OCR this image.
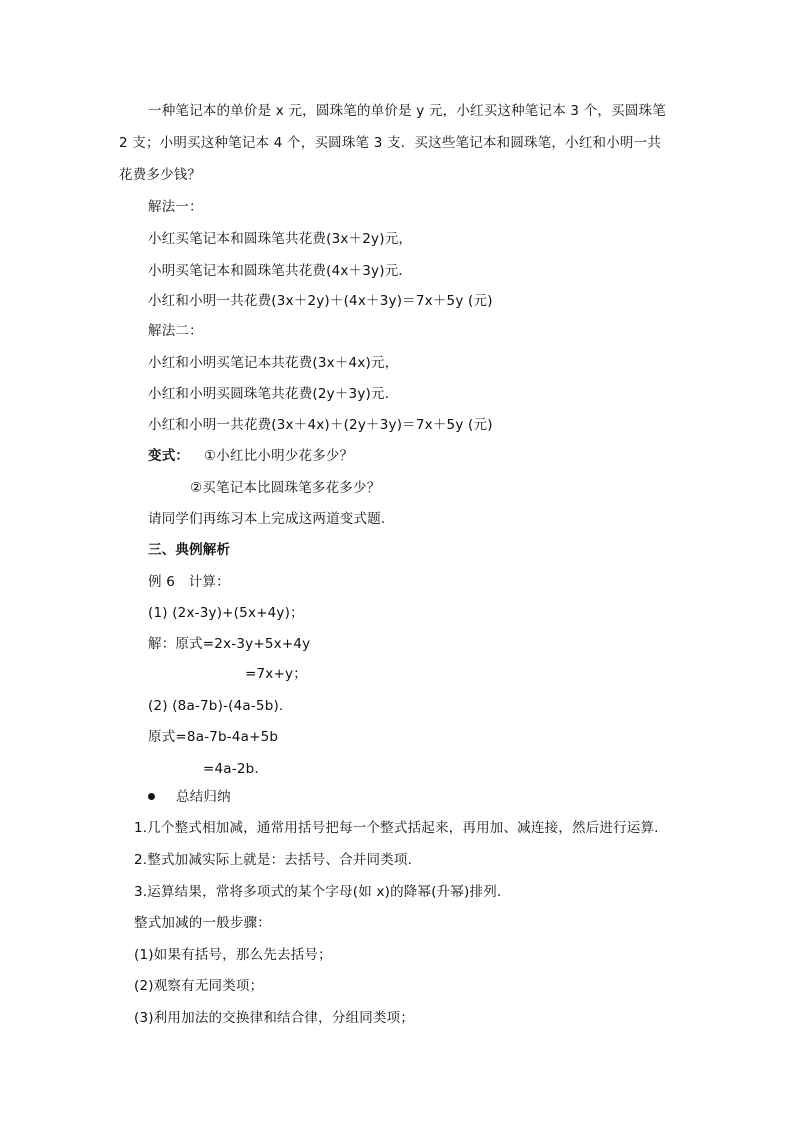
一种笔记本的单价是 x 元，圆珠笔的单价是 y 元，小红买这种笔记本 3 个，买圆珠笔
2 支；小明买这种笔记本 4 个，买圆珠笔 3 支．买这些笔记本和圆珠笔，小红和小明一共
花费多少钱？
解法一：
小红买笔记本和圆珠笔共花费(3x＋2y)元，
小明买笔记本和圆珠笔共花费(4x＋3y)元．
小红和小明一共花费(3x＋2y)＋(4x＋3y)＝7x＋5y (元)
解法二：
小红和小明买笔记本共花费(3x＋4x)元，
小红和小明买圆珠笔共花费(2y＋3y)元．
小红和小明一共花费(3x＋4x)＋(2y＋3y)＝7x＋5y (元)
变式： ①小红比小明少花多少？
②买笔记本比圆珠笔多花多少？
请同学们再练习本上完成这两道变式题.
三、典例解析
例 6　计算：
(1) (2x-3y)+(5x+4y)；
解：原式=2x-3y+5x+4y
=7x+y；
(2) (8a-7b)-(4a-5b).
原式=8a-7b-4a+5b
=4a-2b.
总结归纳
1.几个整式相加减，通常用括号把每一个整式括起来，再用加、减连接，然后进行运算.
2.整式加减实际上就是：去括号、合并同类项.
3.运算结果，常将多项式的某个字母(如 x)的降幂(升幂)排列.
整式加减的一般步骤：
(1)如果有括号，那么先去括号；
(2)观察有无同类项；
(3)利用加法的交换律和结合律，分组同类项；
